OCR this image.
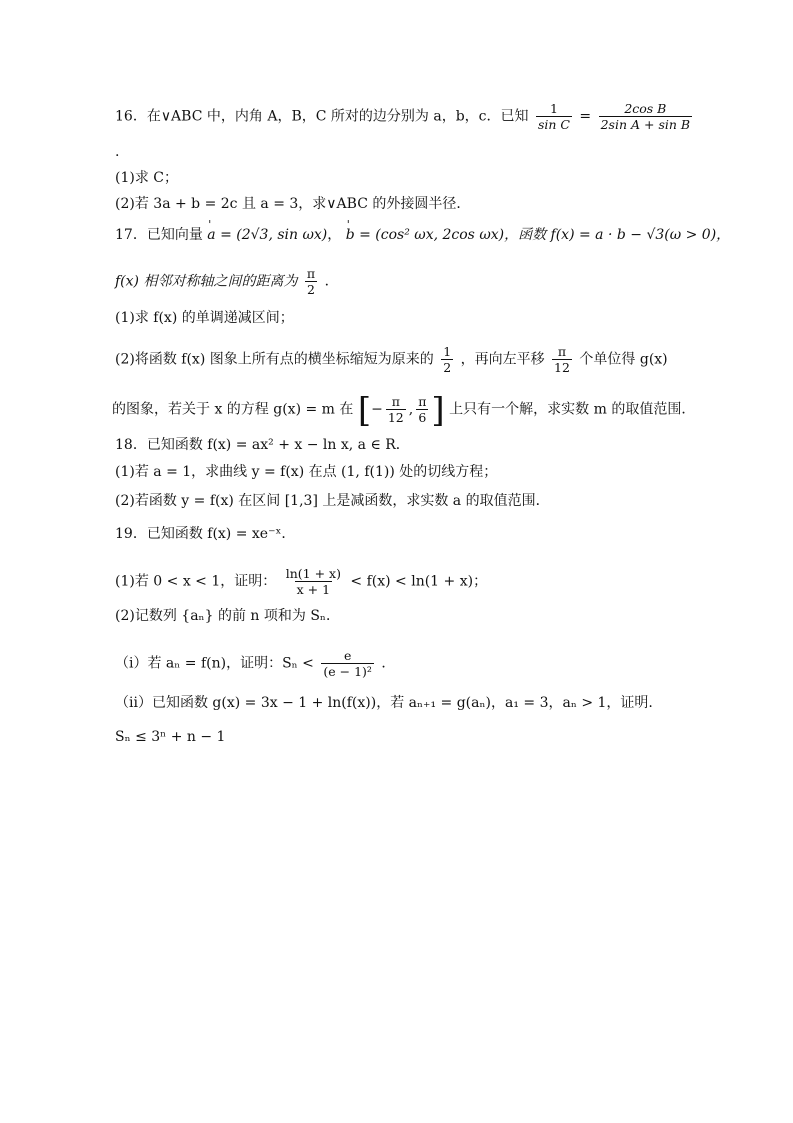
16．在∨ABC 中，内角 A，B，C 所对的边分别为 a，b，c．已知 $\frac{1}{\text{sin C}} = \frac{\text{2cos B}}{\text{2sin A + sin B}}$
.
(1)求 C；
(2)若 3a + b = 2c 且 a = 3，求∨ABC 的外接圆半径．
17．已知向量 ' a = (2√3, sin ωx)， ' b = (cos² ωx, 2cos ωx)，函数 f(x) = a · b − √3(ω > 0)，
f(x) 相邻对称轴之间的距离为 $\frac{\pi}{2}$ ．
(1)求 f(x) 的单调递减区间；
(2)将函数 f(x) 图象上所有点的横坐标缩短为原来的 $\frac{1}{2}$ ，再向左平移 $\frac{\pi}{12}$ 个单位得 g(x)
的图象，若关于 x 的方程 g(x) = m 在 [− $\frac{\pi}{12}$ , $\frac{\pi}{6}$ ] 上只有一个解，求实数 m 的取值范围．
18．已知函数 f(x) = ax² + x − ln x, a ∈ R．
(1)若 a = 1，求曲线 y = f(x) 在点 (1, f(1)) 处的切线方程；
(2)若函数 y = f(x) 在区间 [1,3] 上是减函数，求实数 a 的取值范围．
19．已知函数 f(x) = xe⁻ˣ．
(1)若 0 < x < 1，证明： $\frac{\ln(1 + x)}{x + 1} < f(x) < \ln(1 + x)$；
(2)记数列 {aₙ} 的前 n 项和为 Sₙ．
（i）若 aₙ = f(n)，证明：$S_n < \frac{e}{\text{(e − 1)²}}$ ．
（ii）已知函数 g(x) = 3x − 1 + ln(f(x))，若 aₙ₊₁ = g(aₙ)，a₁ = 3，aₙ > 1，证明.
Sₙ ≤ 3ⁿ + n − 1
